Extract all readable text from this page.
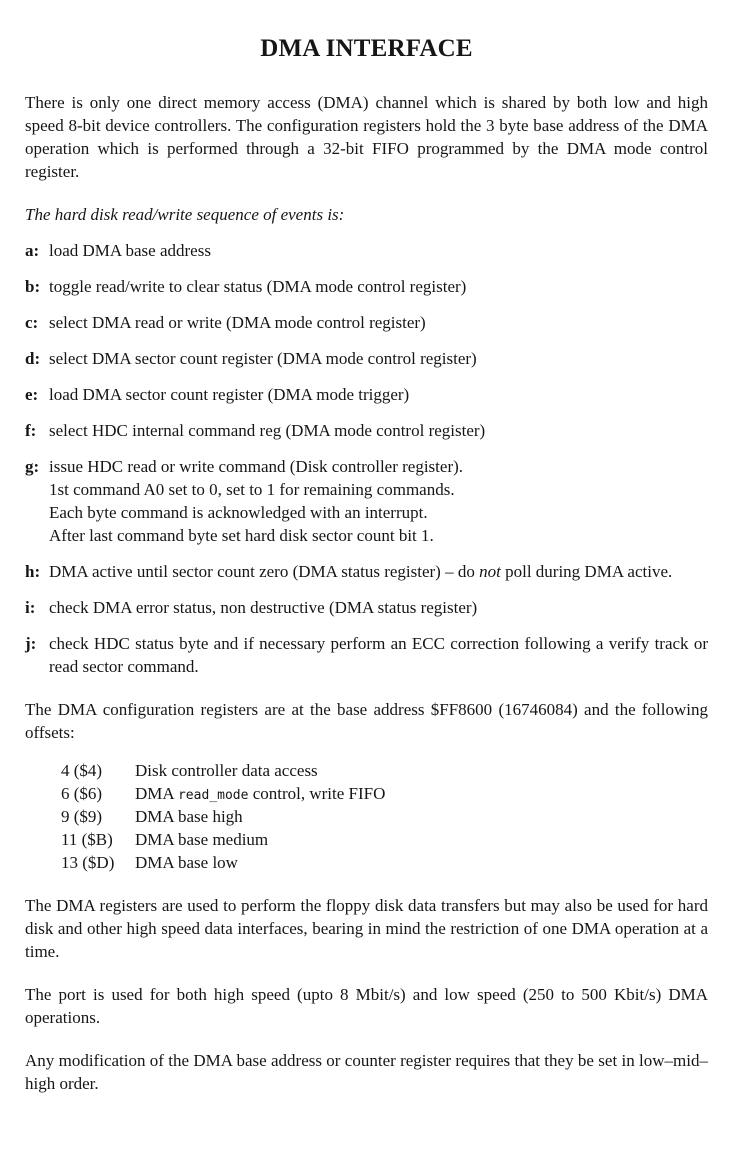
DMA INTERFACE

There is only one direct memory access (DMA) channel which is shared by both low and high speed 8-bit device controllers. The configuration registers hold the 3 byte base address of the DMA operation which is performed through a 32-bit FIFO programmed by the DMA mode control register.

The hard disk read/write sequence of events is:

a: load DMA base address
b: toggle read/write to clear status (DMA mode control register)
c: select DMA read or write (DMA mode control register)
d: select DMA sector count register (DMA mode control register)
e: load DMA sector count register (DMA mode trigger)
f: select HDC internal command reg (DMA mode control register)
g: issue HDC read or write command (Disk controller register).
1st command A0 set to 0, set to 1 for remaining commands.
Each byte command is acknowledged with an interrupt.
After last command byte set hard disk sector count bit 1.
h: DMA active until sector count zero (DMA status register) – do not poll during DMA active.
i: check DMA error status, non destructive (DMA status register)
j: check HDC status byte and if necessary perform an ECC correction following a verify track or read sector command.

The DMA configuration registers are at the base address $FF8600 (16746084) and the following offsets:

4 ($4)	Disk controller data access
6 ($6)	DMA read_mode control, write FIFO
9 ($9)	DMA base high
11 ($B)	DMA base medium
13 ($D)	DMA base low

The DMA registers are used to perform the floppy disk data transfers but may also be used for hard disk and other high speed data interfaces, bearing in mind the restriction of one DMA operation at a time.

The port is used for both high speed (upto 8 Mbit/s) and low speed (250 to 500 Kbit/s) DMA operations.

Any modification of the DMA base address or counter register requires that they be set in low–mid–high order.
